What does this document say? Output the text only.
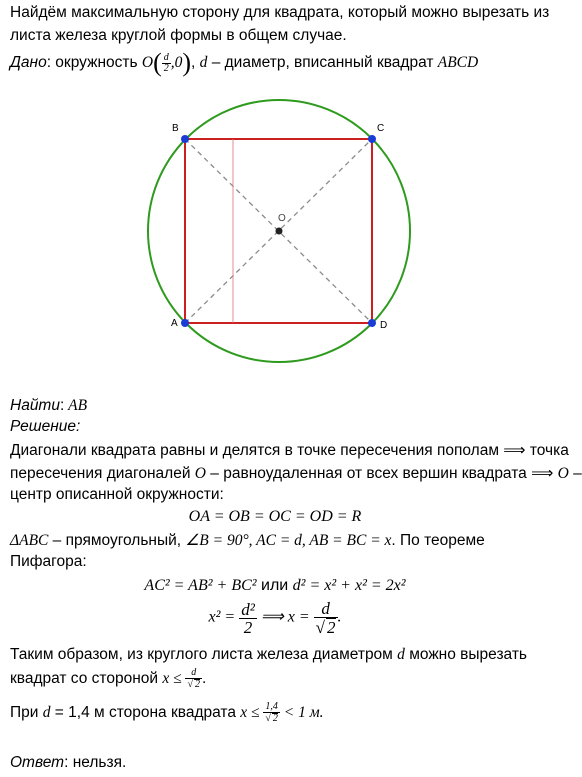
Найдём максимальную сторону для квадрата, который можно вырезать из
листа железа круглой формы в общем случае.
Дано: окружность $O( \frac{d}{2} ,0)$, d – диаметр, вписанный квадрат ABCD
B	C
A	D
O
Найти: AB
Решение:
Диагонали квадрата равны и делятся в точке пересечения пополам ⟹ точка
пересечения диагоналей O – равноудаленная от всех вершин квадрата ⟹ O –
центр описанной окружности:
OA = OB = OC = OD = R
ΔABC – прямоугольный, ∠B = 90°, AC = d, AB = BC = x. По теореме
Пифагора:
AC² = AB² + BC² или d² = x² + x² = 2x²
$x^2 = \frac{\text{d²}}{2}$ ⟹ $x = \frac{d}{√ 2}$ .
Таким образом, из круглого листа железа диаметром d можно вырезать
квадрат со стороной $x \le \frac{d}{√ 2}$ .
При d = 1,4 м сторона квадрата $x \le \frac{1,4}{√ 2} < 1$ м.
Ответ: нельзя.
